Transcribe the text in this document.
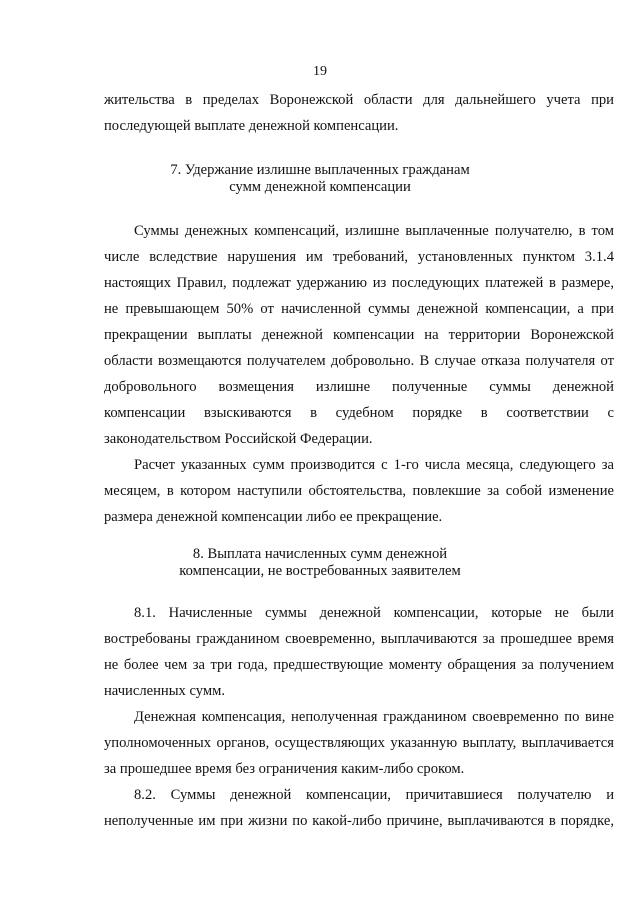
19
жительства в пределах Воронежской области для дальнейшего учета при
последующей выплате денежной компенсации.
7. Удержание излишне выплаченных гражданам
сумм денежной компенсации
Суммы денежных компенсаций, излишне выплаченные получателю, в том
числе вследствие нарушения им требований, установленных пунктом 3.1.4
настоящих Правил, подлежат удержанию из последующих платежей в размере,
не превышающем 50% от начисленной суммы денежной компенсации, а при
прекращении выплаты денежной компенсации на территории Воронежской
области возмещаются получателем добровольно. В случае отказа получателя от
добровольного возмещения излишне полученные суммы денежной
компенсации взыскиваются в судебном порядке в соответствии с
законодательством Российской Федерации.
Расчет указанных сумм производится с 1-го числа месяца, следующего за
месяцем, в котором наступили обстоятельства, повлекшие за собой изменение
размера денежной компенсации либо ее прекращение.
8. Выплата начисленных сумм денежной
компенсации, не востребованных заявителем
8.1. Начисленные суммы денежной компенсации, которые не были
востребованы гражданином своевременно, выплачиваются за прошедшее время
не более чем за три года, предшествующие моменту обращения за получением
начисленных сумм.
Денежная компенсация, неполученная гражданином своевременно по вине
уполномоченных органов, осуществляющих указанную выплату, выплачивается
за прошедшее время без ограничения каким-либо сроком.
8.2. Суммы денежной компенсации, причитавшиеся получателю и
неполученные им при жизни по какой-либо причине, выплачиваются в порядке,
